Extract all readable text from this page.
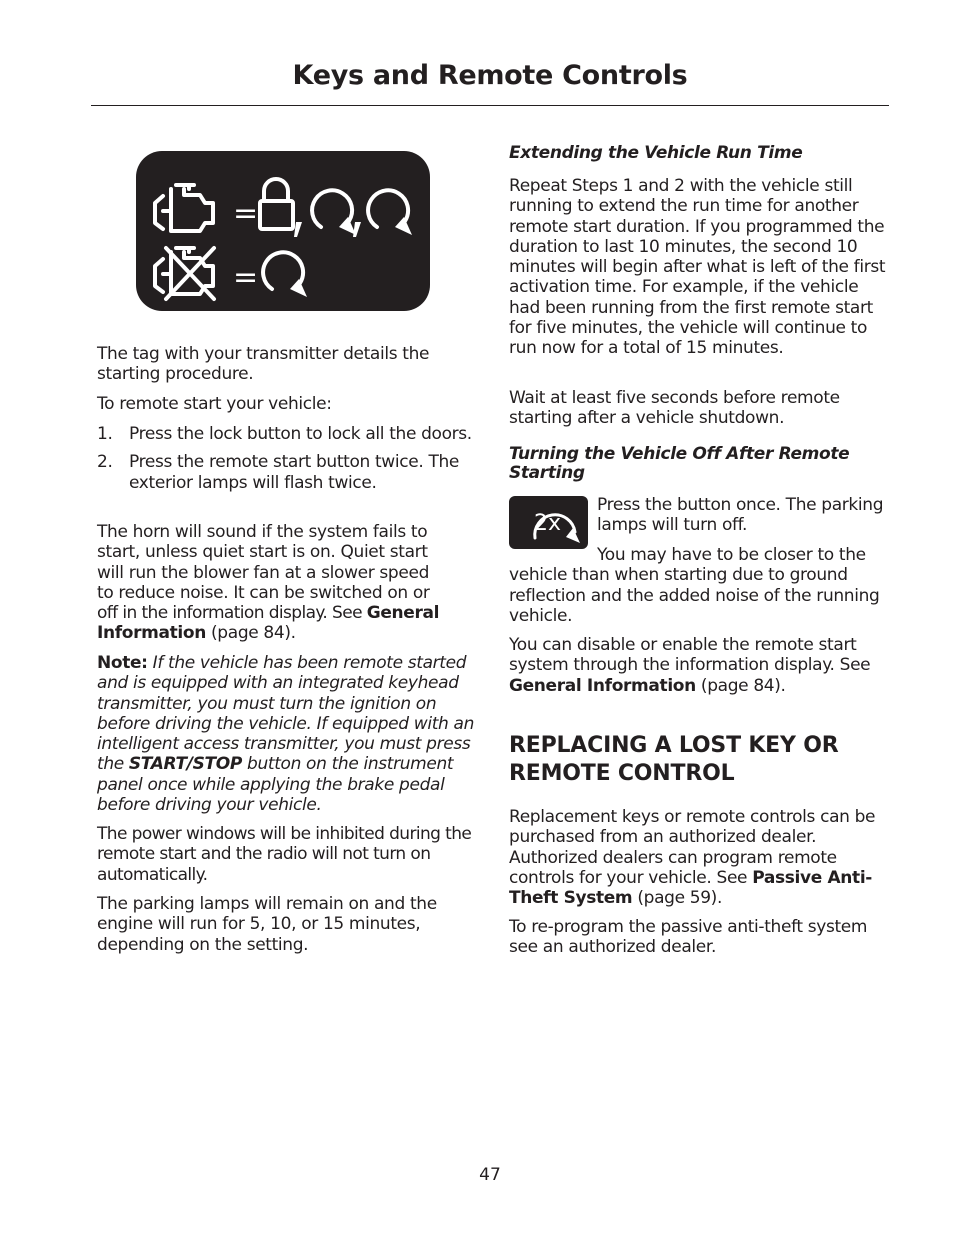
Keys and Remote Controls
=
=

The tag with your transmitter details the starting procedure.

To remote start your vehicle:

1. Press the lock button to lock all the doors.
2. Press the remote start button twice. The exterior lamps will flash twice.

The horn will sound if the system fails to
start, unless quiet start is on. Quiet start
will run the blower fan at a slower speed
to reduce noise. It can be switched on or
off in the information display. See General
Information (page 84).

Note: If the vehicle has been remote started and is equipped with an integrated keyhead transmitter, you must turn the ignition on before driving the vehicle. If equipped with an intelligent access transmitter, you must press the START/STOP button on the instrument panel once while applying the brake pedal before driving your vehicle.

The power windows will be inhibited during the remote start and the radio will not turn on automatically.

The parking lamps will remain on and the engine will run for 5, 10, or 15 minutes, depending on the setting.

Extending the Vehicle Run Time

Repeat Steps 1 and 2 with the vehicle still running to extend the run time for another remote start duration. If you programmed the duration to last 10 minutes, the second 10 minutes will begin after what is left of the first activation time. For example, if the vehicle had been running from the first remote start for five minutes, the vehicle will continue to run now for a total of 15 minutes.

Wait at least five seconds before remote starting after a vehicle shutdown.

Turning the Vehicle Off After Remote Starting

Press the button once. The parking lamps will turn off.

You may have to be closer to the
vehicle than when starting due to ground reflection and the added noise of the running vehicle.

You can disable or enable the remote start system through the information display. See General Information (page 84).

REPLACING A LOST KEY OR REMOTE CONTROL

Replacement keys or remote controls can be purchased from an authorized dealer. Authorized dealers can program remote controls for your vehicle. See Passive Anti-Theft System (page 59).

To re-program the passive anti-theft system see an authorized dealer.

2x
47
